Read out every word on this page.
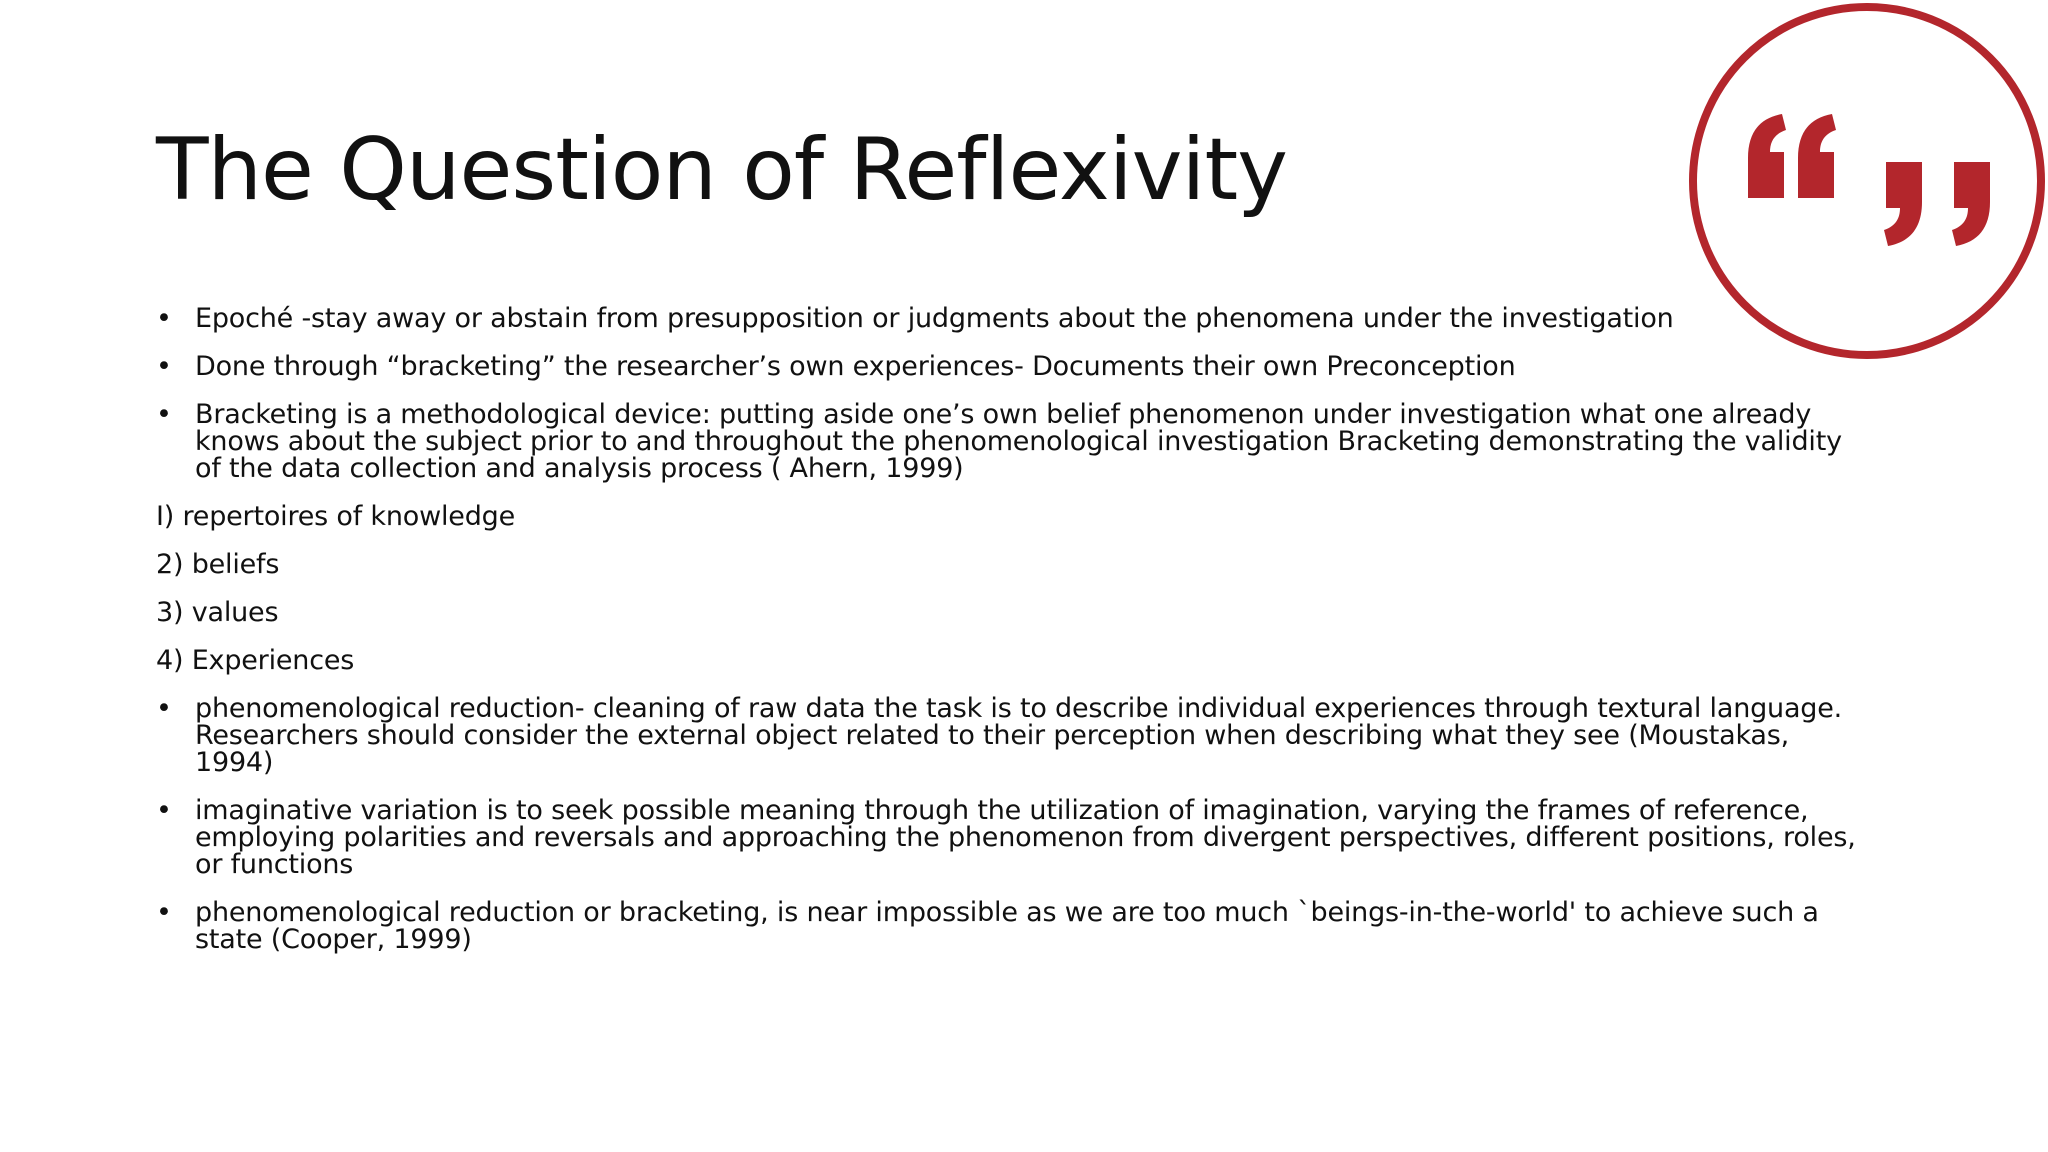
The Question of Reflexivity
• Epoché -stay away or abstain from presupposition or judgments about the phenomena under the investigation
• Done through “bracketing” the researcher’s own experiences- Documents their own Preconception
• Bracketing is a methodological device: putting aside one’s own belief phenomenon under investigation what one already knows about the subject prior to and throughout the phenomenological investigation Bracketing demonstrating the validity of the data collection and analysis process ( Ahern, 1999)
I) repertoires of knowledge
2) beliefs
3) values
4) Experiences
• phenomenological reduction- cleaning of raw data the task is to describe individual experiences through textural language. Researchers should consider the external object related to their perception when describing what they see (Moustakas, 1994)
• imaginative variation is to seek possible meaning through the utilization of imagination, varying the frames of reference, employing polarities and reversals and approaching the phenomenon from divergent perspectives, different positions, roles, or functions
• phenomenological reduction or bracketing, is near impossible as we are too much `beings-in-the-world' to achieve such a state (Cooper, 1999)
